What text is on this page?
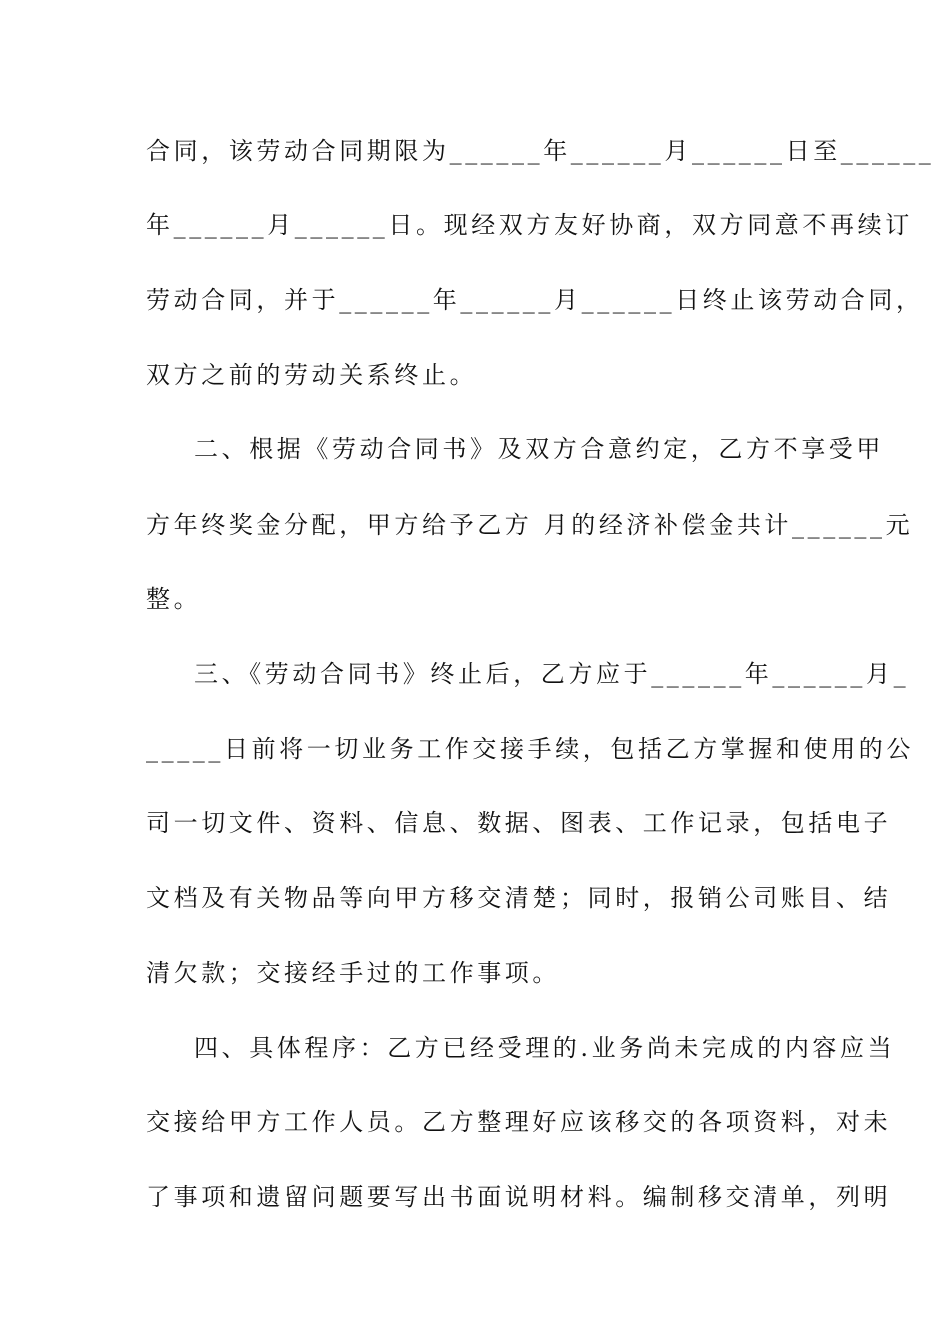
合同，该劳动合同期限为______年______月______日至______
年______月______日。现经双方友好协商，双方同意不再续订
劳动合同，并于______年______月______日终止该劳动合同，
双方之前的劳动关系终止。
二、根据《劳动合同书》及双方合意约定，乙方不享受甲
方年终奖金分配，甲方给予乙方 月的经济补偿金共计______元
整。
三、《劳动合同书》终止后，乙方应于______年______月_
_____日前将一切业务工作交接手续，包括乙方掌握和使用的公
司一切文件、资料、信息、数据、图表、工作记录，包括电子
文档及有关物品等向甲方移交清楚；同时，报销公司账目、结
清欠款；交接经手过的工作事项。
四、具体程序：乙方已经受理的.业务尚未完成的内容应当
交接给甲方工作人员。乙方整理好应该移交的各项资料，对未
了事项和遗留问题要写出书面说明材料。编制移交清单，列明
